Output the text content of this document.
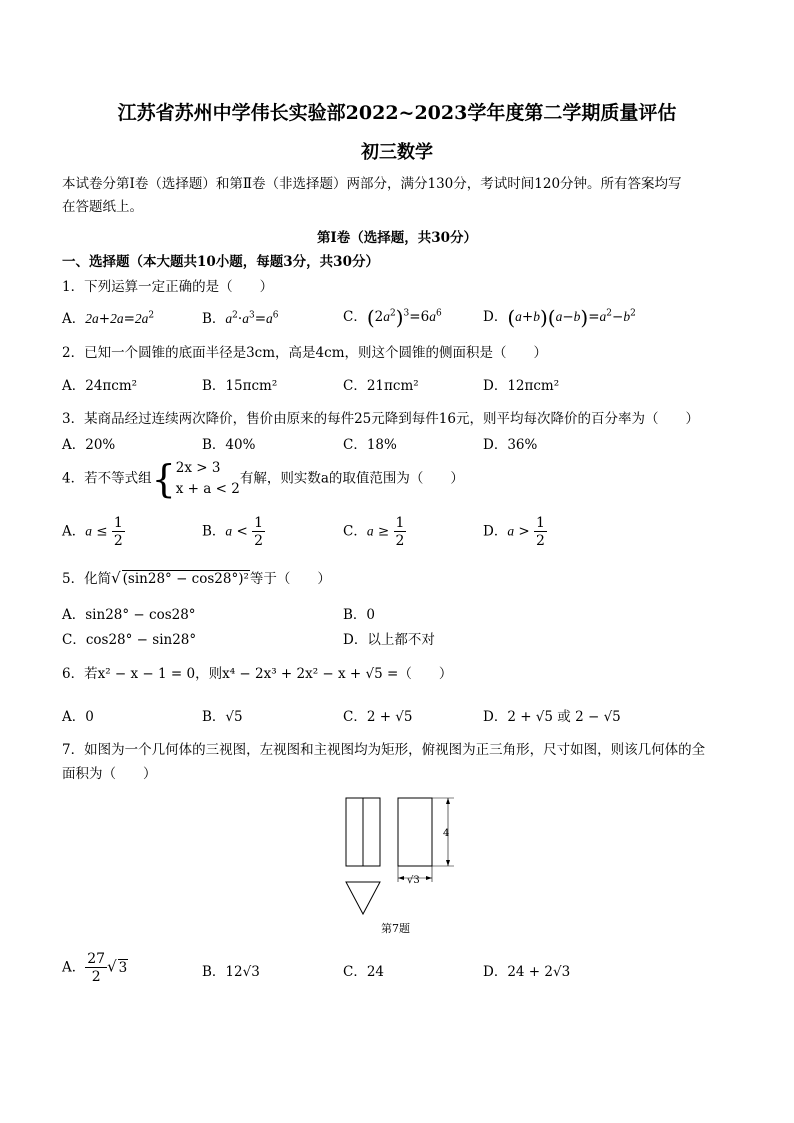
江苏省苏州中学伟长实验部2022~2023学年度第二学期质量评估
初三数学
本试卷分第Ⅰ卷（选择题）和第Ⅱ卷（非选择题）两部分，满分130分，考试时间120分钟。所有答案均写
在答题纸上。
第Ⅰ卷（选择题，共30分）
一、选择题（本大题共10小题，每题3分，共30分）
1．下列运算一定正确的是（　　）
A．$2a+2a=2a^2$	B．$a^2\cdot a^3=a^6$	C．$(2a^2)^3=6a^6$	D．$(a+b)(a-b)=a^2-b^2$
2．已知一个圆锥的底面半径是3cm，高是4cm，则这个圆锥的侧面积是（　　）
A．24πcm²	B．15πcm²	C．21πcm²	D．12πcm²
3．某商品经过连续两次降价，售价由原来的每件25元降到每件16元，则平均每次降价的百分率为（　　）
A．20%	B．40%	C．18%	D．36%
4．若不等式组{2x > 3
x + a < 2有解，则实数a的取值范围为（　　）
A．$a \le \frac{1}{2}$	B．$a < \frac{1}{2}$	C．$a \ge \frac{1}{2}$	D．$a > \frac{1}{2}$
5．化简√ (sin28° − cos28°)²等于（　　）
A．sin28° − cos28°	B．0
C．cos28° − sin28°	D．以上都不对
6．若x² − x − 1 = 0，则x⁴ − 2x³ + 2x² − x + √5 =（　　）
A．0	B．√5	C．2 + √5	D．2 + √5 或 2 − √5
7．如图为一个几何体的三视图，左视图和主视图均为矩形，俯视图为正三角形，尺寸如图，则该几何体的全
面积为（　　）
4
√3
第7题
A． $\frac{27}{2}$ √ 3	B．12√3	C．24	D．24 + 2√3
